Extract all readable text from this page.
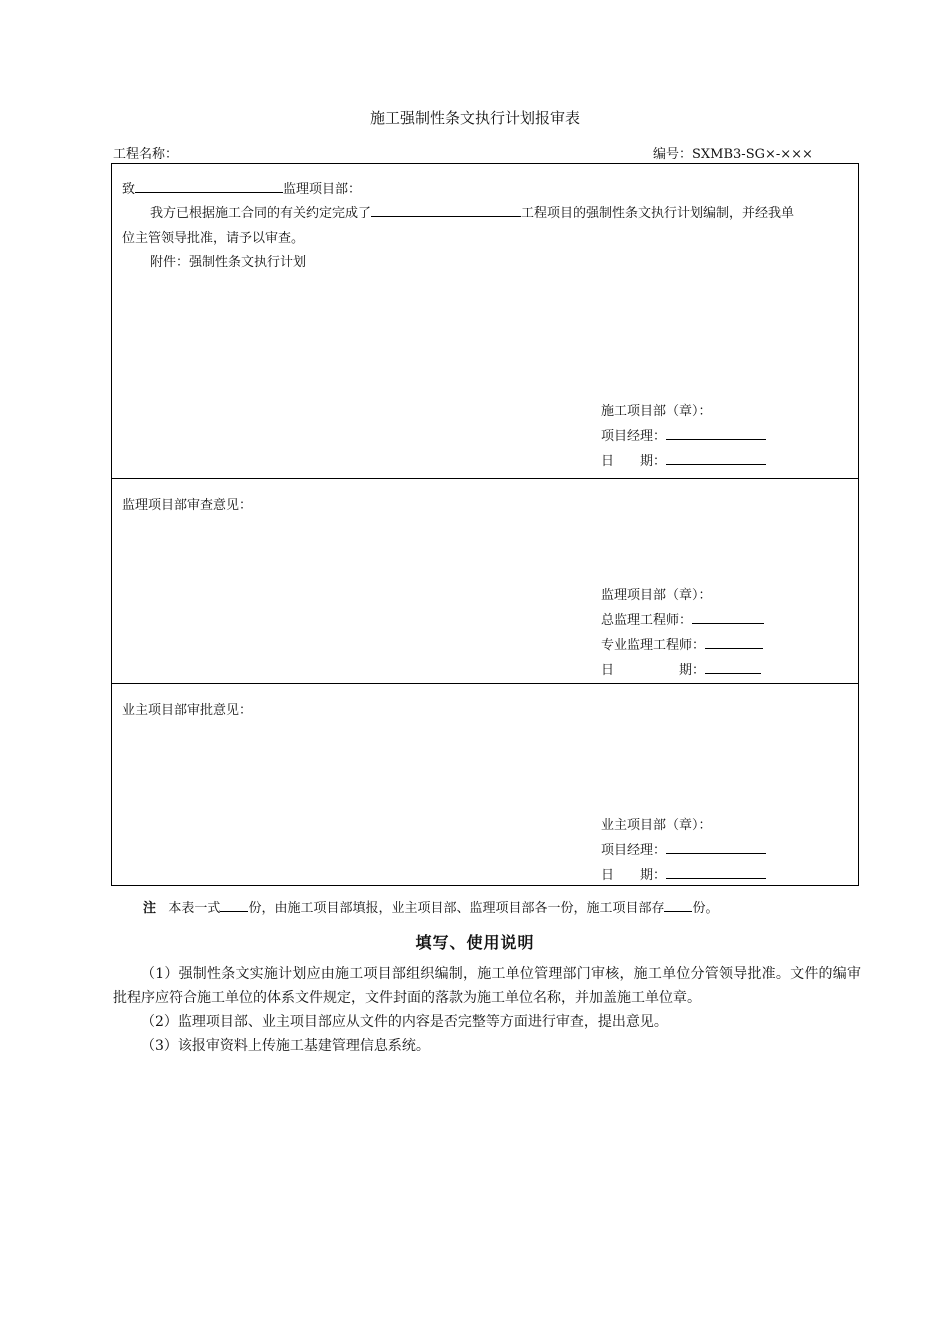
施工强制性条文执行计划报审表
工程名称：	编号：SXMB3-SG×-×××
致	监理项目部：
我方已根据施工合同的有关约定完成了	工程项目的强制性条文执行计划编制，并经我单
位主管领导批准，请予以审查。
附件：强制性条文执行计划
施工项目部（章）：
项目经理：
日　　期：
监理项目部审查意见：
监理项目部（章）：
总监理工程师：
专业监理工程师：
日　　　　　期：
业主项目部审批意见：
业主项目部（章）：
项目经理：
日　　期：
注 本表一式 份，由施工项目部填报，业主项目部、监理项目部各一份，施工项目部存 份。
填写、使用说明

（1）强制性条文实施计划应由施工项目部组织编制，施工单位管理部门审核，施工单位分管领导批准。文件的编审批程序应符合施工单位的体系文件规定，文件封面的落款为施工单位名称，并加盖施工单位章。

（2）监理项目部、业主项目部应从文件的内容是否完整等方面进行审查，提出意见。

（3）该报审资料上传施工基建管理信息系统。
